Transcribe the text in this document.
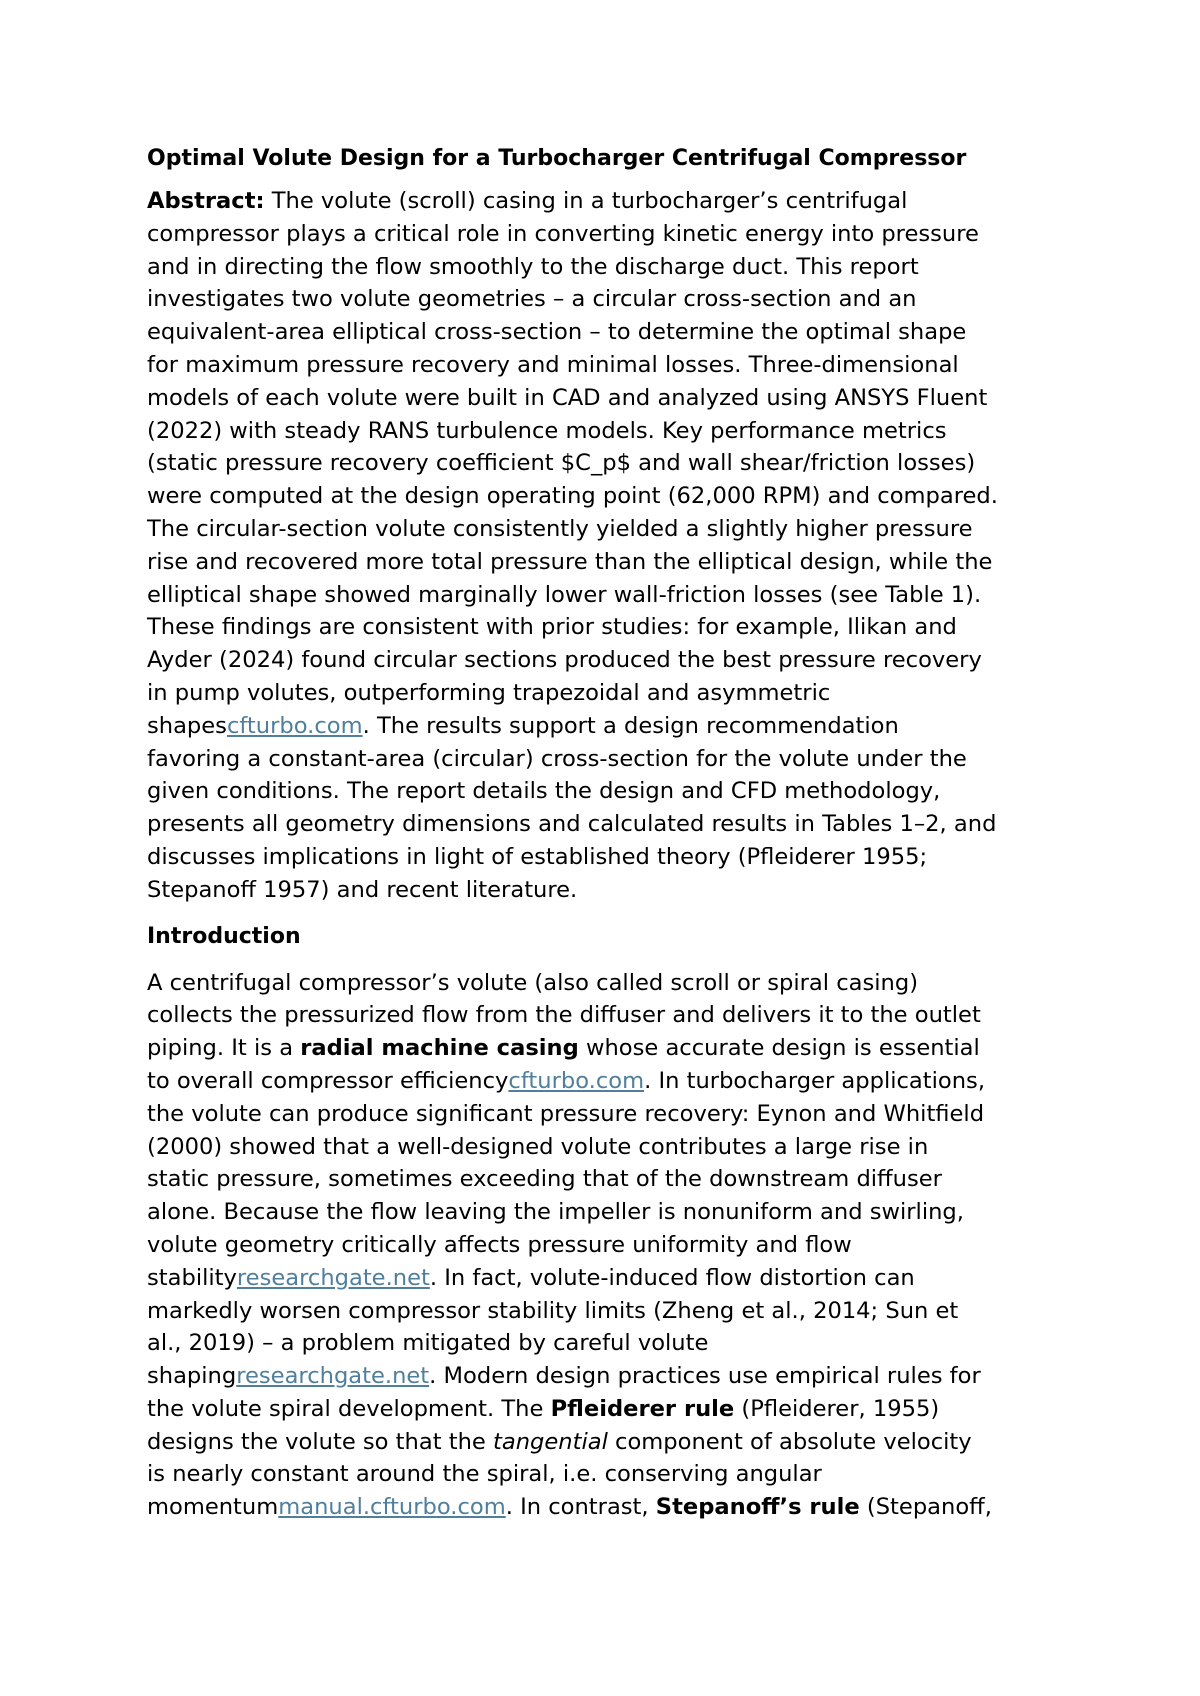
Optimal Volute Design for a Turbocharger Centrifugal Compressor
Abstract: The volute (scroll) casing in a turbocharger’s centrifugal
compressor plays a critical role in converting kinetic energy into pressure
and in directing the flow smoothly to the discharge duct. This report
investigates two volute geometries – a circular cross-section and an
equivalent-area elliptical cross-section – to determine the optimal shape
for maximum pressure recovery and minimal losses. Three-dimensional
models of each volute were built in CAD and analyzed using ANSYS Fluent
(2022) with steady RANS turbulence models. Key performance metrics
(static pressure recovery coefficient $C_p$ and wall shear/friction losses)
were computed at the design operating point (62,000 RPM) and compared.
The circular-section volute consistently yielded a slightly higher pressure
rise and recovered more total pressure than the elliptical design, while the
elliptical shape showed marginally lower wall-friction losses (see Table 1).
These findings are consistent with prior studies: for example, Ilikan and
Ayder (2024) found circular sections produced the best pressure recovery
in pump volutes, outperforming trapezoidal and asymmetric
shapescfturbo.com. The results support a design recommendation
favoring a constant-area (circular) cross-section for the volute under the
given conditions. The report details the design and CFD methodology,
presents all geometry dimensions and calculated results in Tables 1–2, and
discusses implications in light of established theory (Pfleiderer 1955;
Stepanoff 1957) and recent literature.
Introduction
A centrifugal compressor’s volute (also called scroll or spiral casing)
collects the pressurized flow from the diffuser and delivers it to the outlet
piping. It is a radial machine casing whose accurate design is essential
to overall compressor efficiencycfturbo.com. In turbocharger applications,
the volute can produce significant pressure recovery: Eynon and Whitfield
(2000) showed that a well-designed volute contributes a large rise in
static pressure, sometimes exceeding that of the downstream diffuser
alone. Because the flow leaving the impeller is nonuniform and swirling,
volute geometry critically affects pressure uniformity and flow
stabilityresearchgate.net. In fact, volute-induced flow distortion can
markedly worsen compressor stability limits (Zheng et al., 2014; Sun et
al., 2019) – a problem mitigated by careful volute
shapingresearchgate.net. Modern design practices use empirical rules for
the volute spiral development. The Pfleiderer rule (Pfleiderer, 1955)
designs the volute so that the tangential component of absolute velocity
is nearly constant around the spiral, i.e. conserving angular
momentummanual.cfturbo.com. In contrast, Stepanoff’s rule (Stepanoff,
